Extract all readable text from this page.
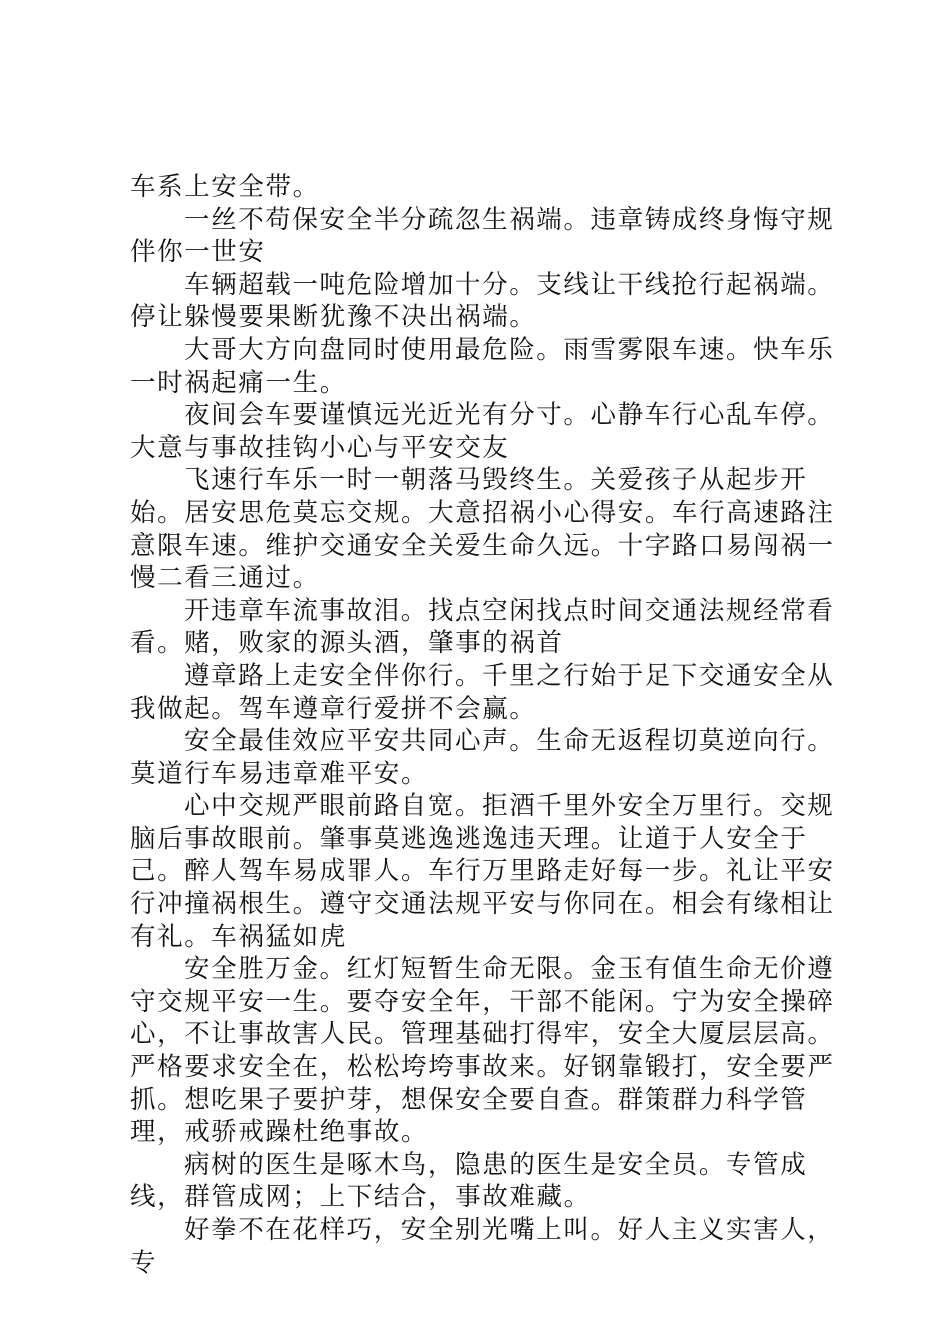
车系上安全带。

一丝不苟保安全半分疏忽生祸端。违章铸成终身悔守规伴你一世安

车辆超载一吨危险增加十分。支线让干线抢行起祸端。停让躲慢要果断犹豫不决出祸端。

大哥大方向盘同时使用最危险。雨雪雾限车速。快车乐一时祸起痛一生。

夜间会车要谨慎远光近光有分寸。心静车行心乱车停。大意与事故挂钩小心与平安交友

飞速行车乐一时一朝落马毁终生。关爱孩子从起步开始。居安思危莫忘交规。大意招祸小心得安。车行高速路注意限车速。维护交通安全关爱生命久远。十字路口易闯祸一慢二看三通过。

开违章车流事故泪。找点空闲找点时间交通法规经常看看。赌，败家的源头酒，肇事的祸首

遵章路上走安全伴你行。千里之行始于足下交通安全从我做起。驾车遵章行爱拼不会赢。

安全最佳效应平安共同心声。生命无返程切莫逆向行。莫道行车易违章难平安。

心中交规严眼前路自宽。拒酒千里外安全万里行。交规脑后事故眼前。肇事莫逃逸逃逸违天理。让道于人安全于己。醉人驾车易成罪人。车行万里路走好每一步。礼让平安行冲撞祸根生。遵守交通法规平安与你同在。相会有缘相让有礼。车祸猛如虎

安全胜万金。红灯短暂生命无限。金玉有值生命无价遵守交规平安一生。要夺安全年，干部不能闲。宁为安全操碎心，不让事故害人民。管理基础打得牢，安全大厦层层高。严格要求安全在，松松垮垮事故来。好钢靠锻打，安全要严抓。想吃果子要护芽，想保安全要自查。群策群力科学管理，戒骄戒躁杜绝事故。

病树的医生是啄木鸟，隐患的医生是安全员。专管成线，群管成网；上下结合，事故难藏。

好拳不在花样巧，安全别光嘴上叫。好人主义实害人，专
